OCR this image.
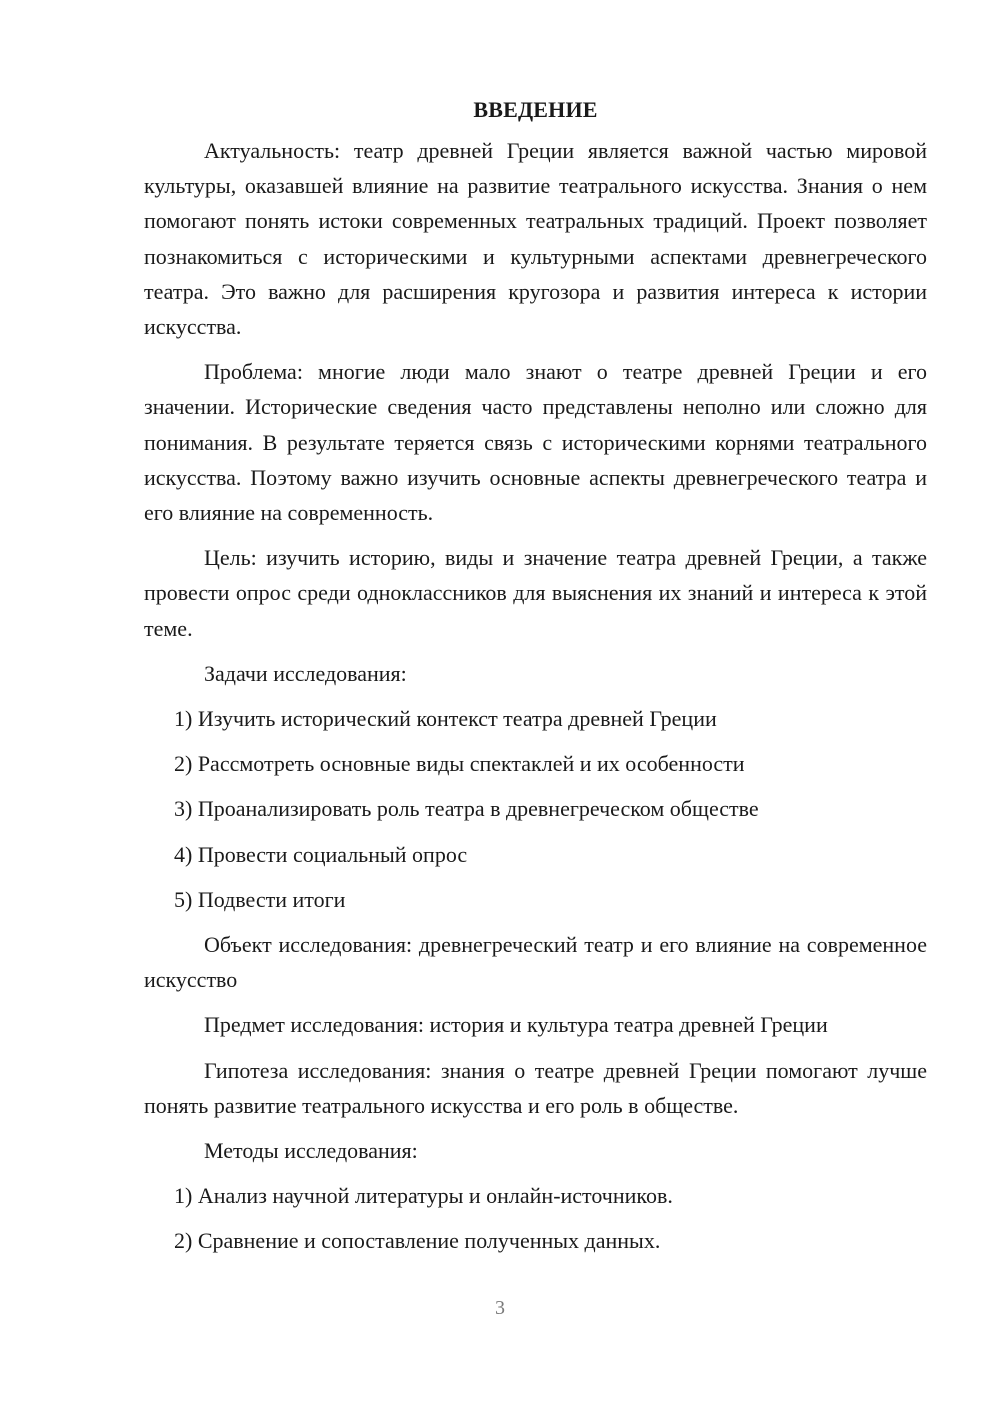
ВВЕДЕНИЕ

Актуальность: театр древней Греции является важной частью мировой культуры, оказавшей влияние на развитие театрального искусства. Знания о нем помогают понять истоки современных театральных традиций. Проект позволяет познакомиться с историческими и культурными аспектами древнегреческого театра. Это важно для расширения кругозора и развития интереса к истории искусства.

Проблема: многие люди мало знают о театре древней Греции и его значении. Исторические сведения часто представлены неполно или сложно для понимания. В результате теряется связь с историческими корнями театрального искусства. Поэтому важно изучить основные аспекты древнегреческого театра и его влияние на современность.

Цель: изучить историю, виды и значение театра древней Греции, а также провести опрос среди одноклассников для выяснения их знаний и интереса к этой теме.

Задачи исследования:
1) Изучить исторический контекст театра древней Греции
2) Рассмотреть основные виды спектаклей и их особенности
3) Проанализировать роль театра в древнегреческом обществе
4) Провести социальный опрос
5) Подвести итоги

Объект исследования: древнегреческий театр и его влияние на современное искусство

Предмет исследования: история и культура театра древней Греции

Гипотеза исследования: знания о театре древней Греции помогают лучше понять развитие театрального искусства и его роль в обществе.

Методы исследования:
1) Анализ научной литературы и онлайн-источников.
2) Сравнение и сопоставление полученных данных.
3
